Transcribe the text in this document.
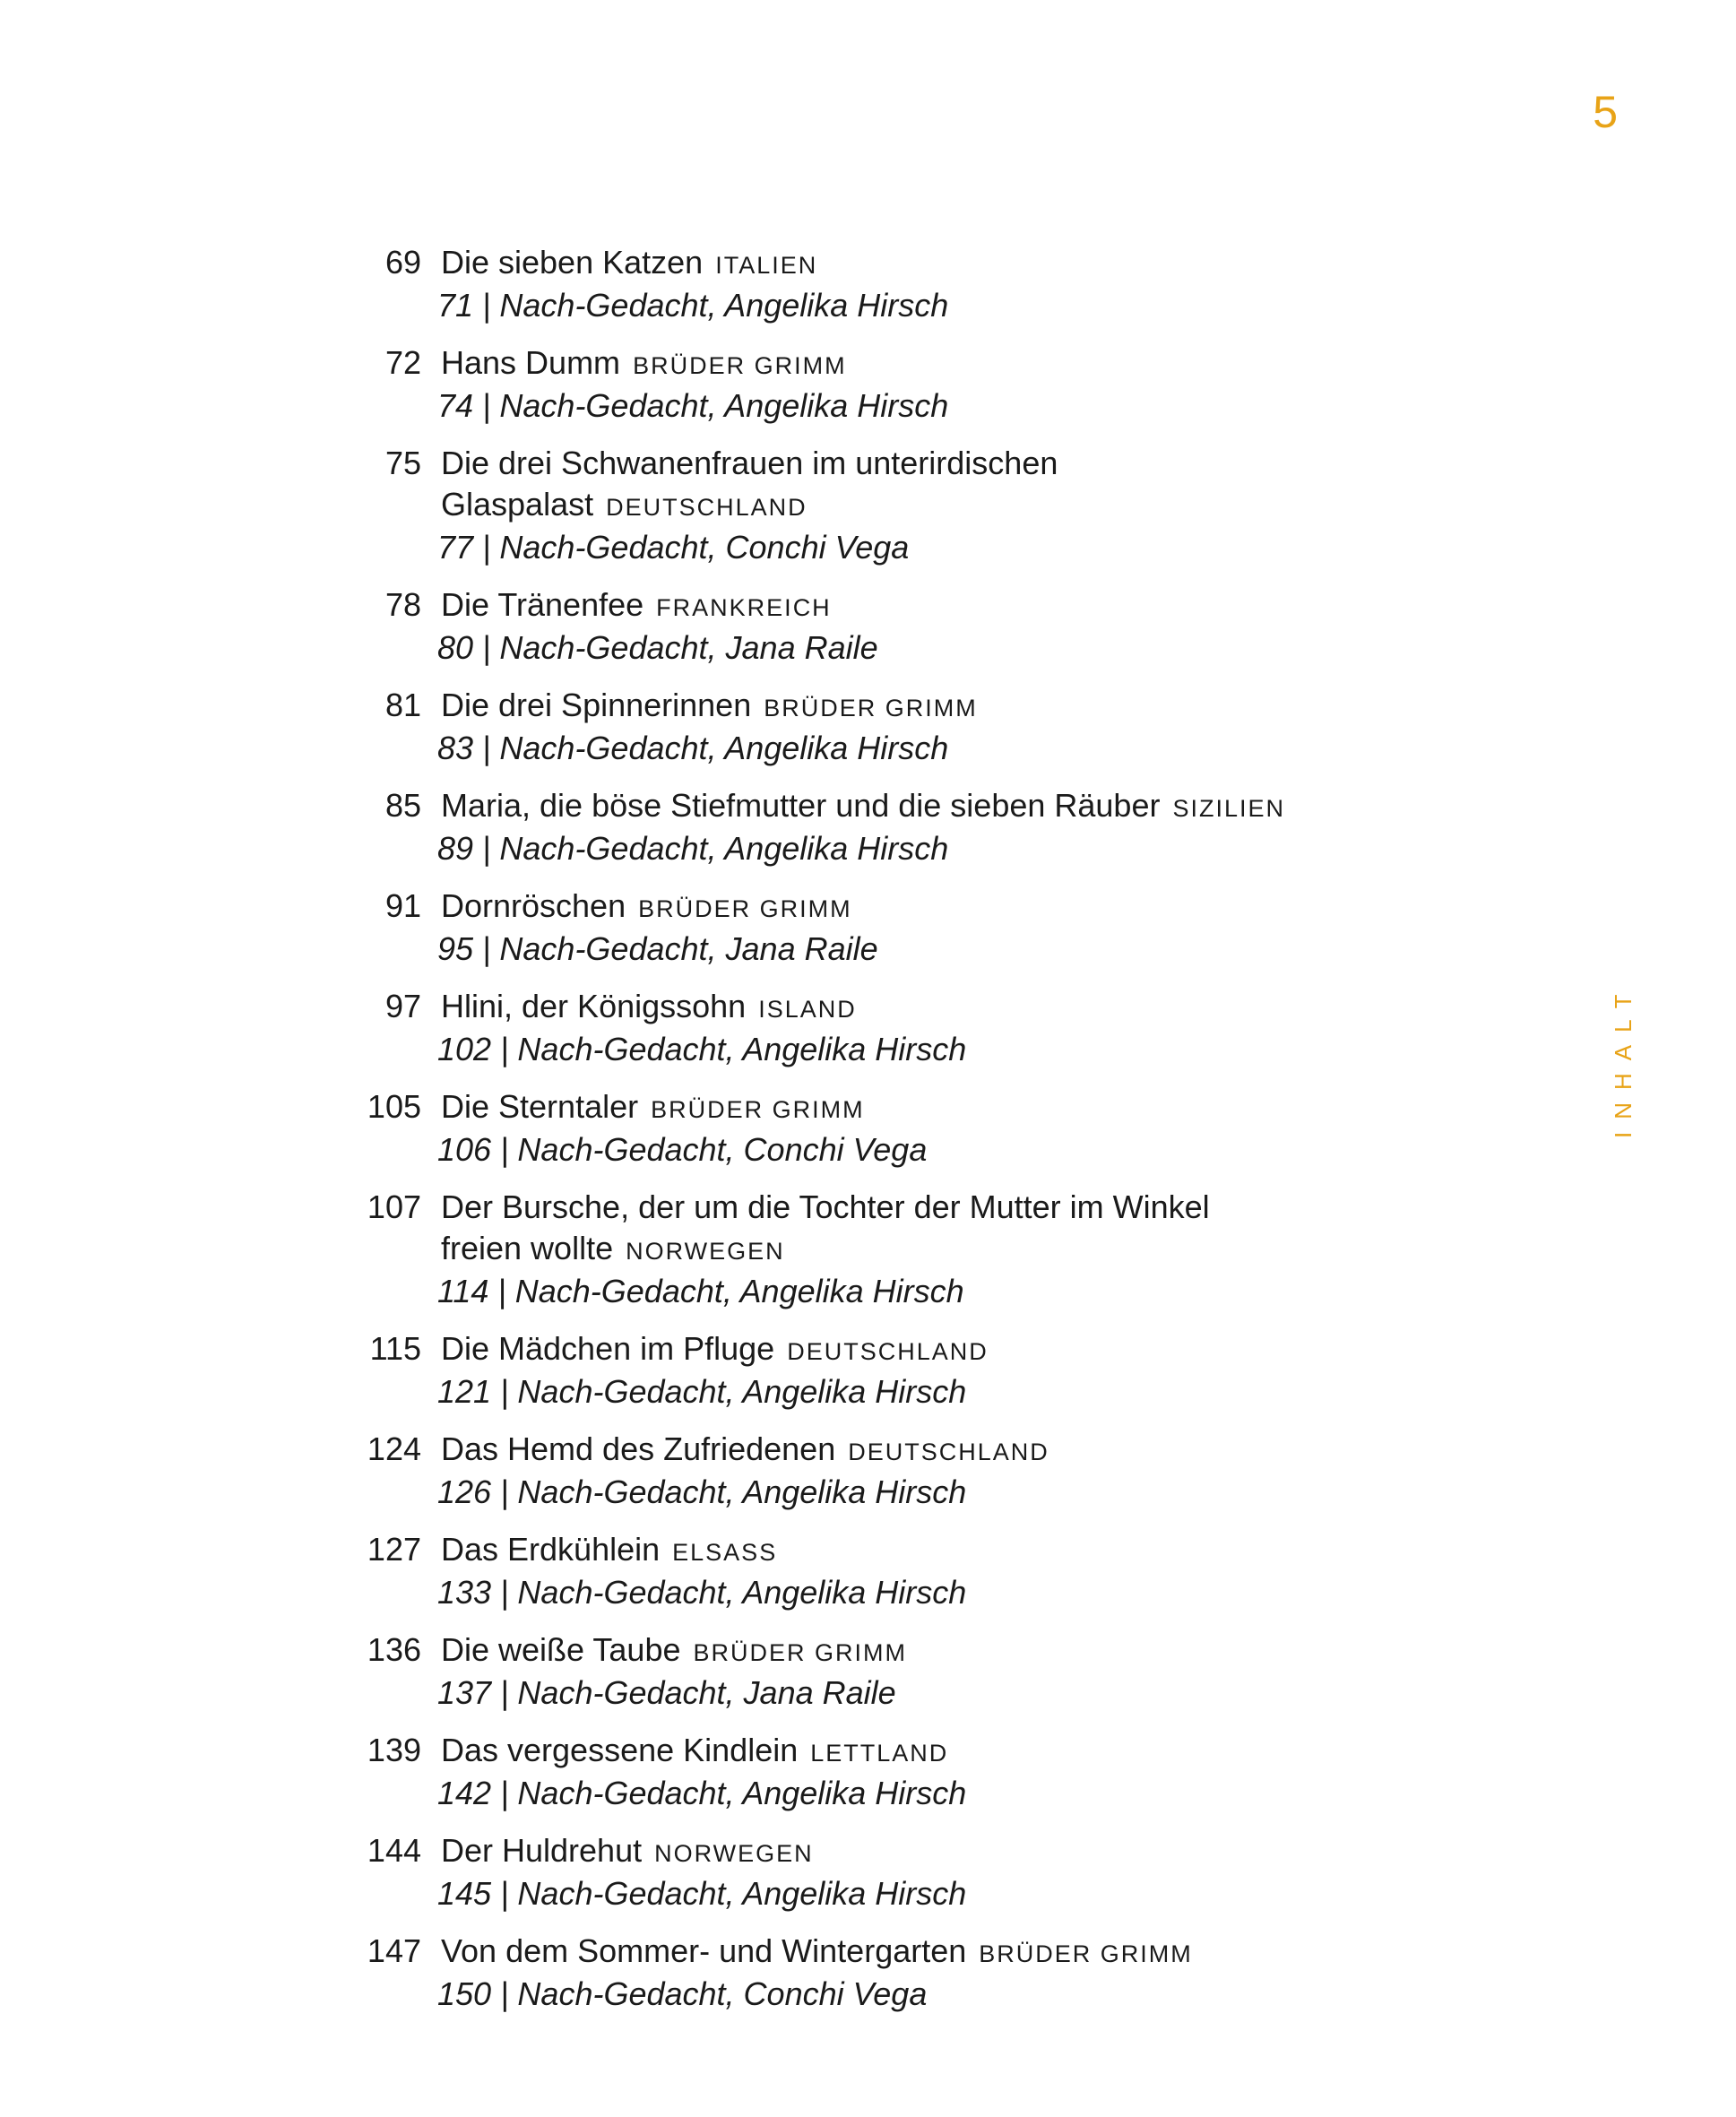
5
INHALT
69 Die sieben Katzen ITALIEN
71 | Nach-Gedacht, Angelika Hirsch
72 Hans Dumm BRÜDER GRIMM
74 | Nach-Gedacht, Angelika Hirsch
75 Die drei Schwanenfrauen im unterirdischen Glaspalast DEUTSCHLAND
77 | Nach-Gedacht, Conchi Vega
78 Die Tränenfee FRANKREICH
80 | Nach-Gedacht, Jana Raile
81 Die drei Spinnerinnen BRÜDER GRIMM
83 | Nach-Gedacht, Angelika Hirsch
85 Maria, die böse Stiefmutter und die sieben Räuber SIZILIEN
89 | Nach-Gedacht, Angelika Hirsch
91 Dornröschen BRÜDER GRIMM
95 | Nach-Gedacht, Jana Raile
97 Hlini, der Königssohn ISLAND
102 | Nach-Gedacht, Angelika Hirsch
105 Die Sterntaler BRÜDER GRIMM
106 | Nach-Gedacht, Conchi Vega
107 Der Bursche, der um die Tochter der Mutter im Winkel freien wollte NORWEGEN
114 | Nach-Gedacht, Angelika Hirsch
115 Die Mädchen im Pfluge DEUTSCHLAND
121 | Nach-Gedacht, Angelika Hirsch
124 Das Hemd des Zufriedenen DEUTSCHLAND
126 | Nach-Gedacht, Angelika Hirsch
127 Das Erdkühlein ELSASS
133 | Nach-Gedacht, Angelika Hirsch
136 Die weiße Taube BRÜDER GRIMM
137 | Nach-Gedacht, Jana Raile
139 Das vergessene Kindlein LETTLAND
142 | Nach-Gedacht, Angelika Hirsch
144 Der Huldrehut NORWEGEN
145 | Nach-Gedacht, Angelika Hirsch
147 Von dem Sommer- und Wintergarten BRÜDER GRIMM
150 | Nach-Gedacht, Conchi Vega
